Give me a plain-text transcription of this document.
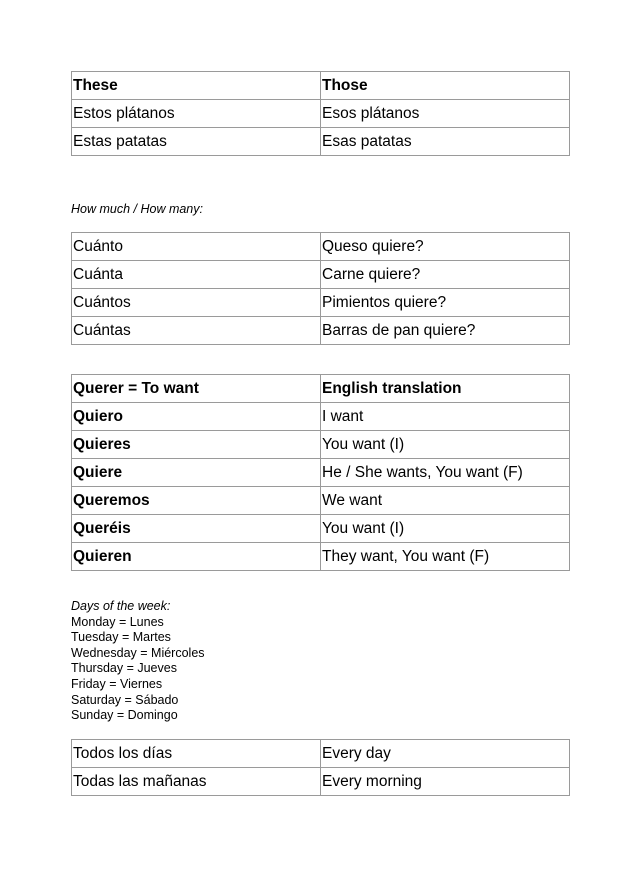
These	Those
Estos plátanos	Esos plátanos
Estas patatas	Esas patatas
How much / How many:
Cuánto	Queso quiere?
Cuánta	Carne quiere?
Cuántos	Pimientos quiere?
Cuántas	Barras de pan quiere?
Querer = To want	English translation
Quiero	I want
Quieres	You want (I)
Quiere	He / She wants, You want (F)
Queremos	We want
Queréis	You want (I)
Quieren	They want, You want (F)
Days of the week:
Monday = Lunes
Tuesday = Martes
Wednesday = Miércoles
Thursday = Jueves
Friday = Viernes
Saturday = Sábado
Sunday = Domingo
Todos los días	Every day
Todas las mañanas	Every morning
